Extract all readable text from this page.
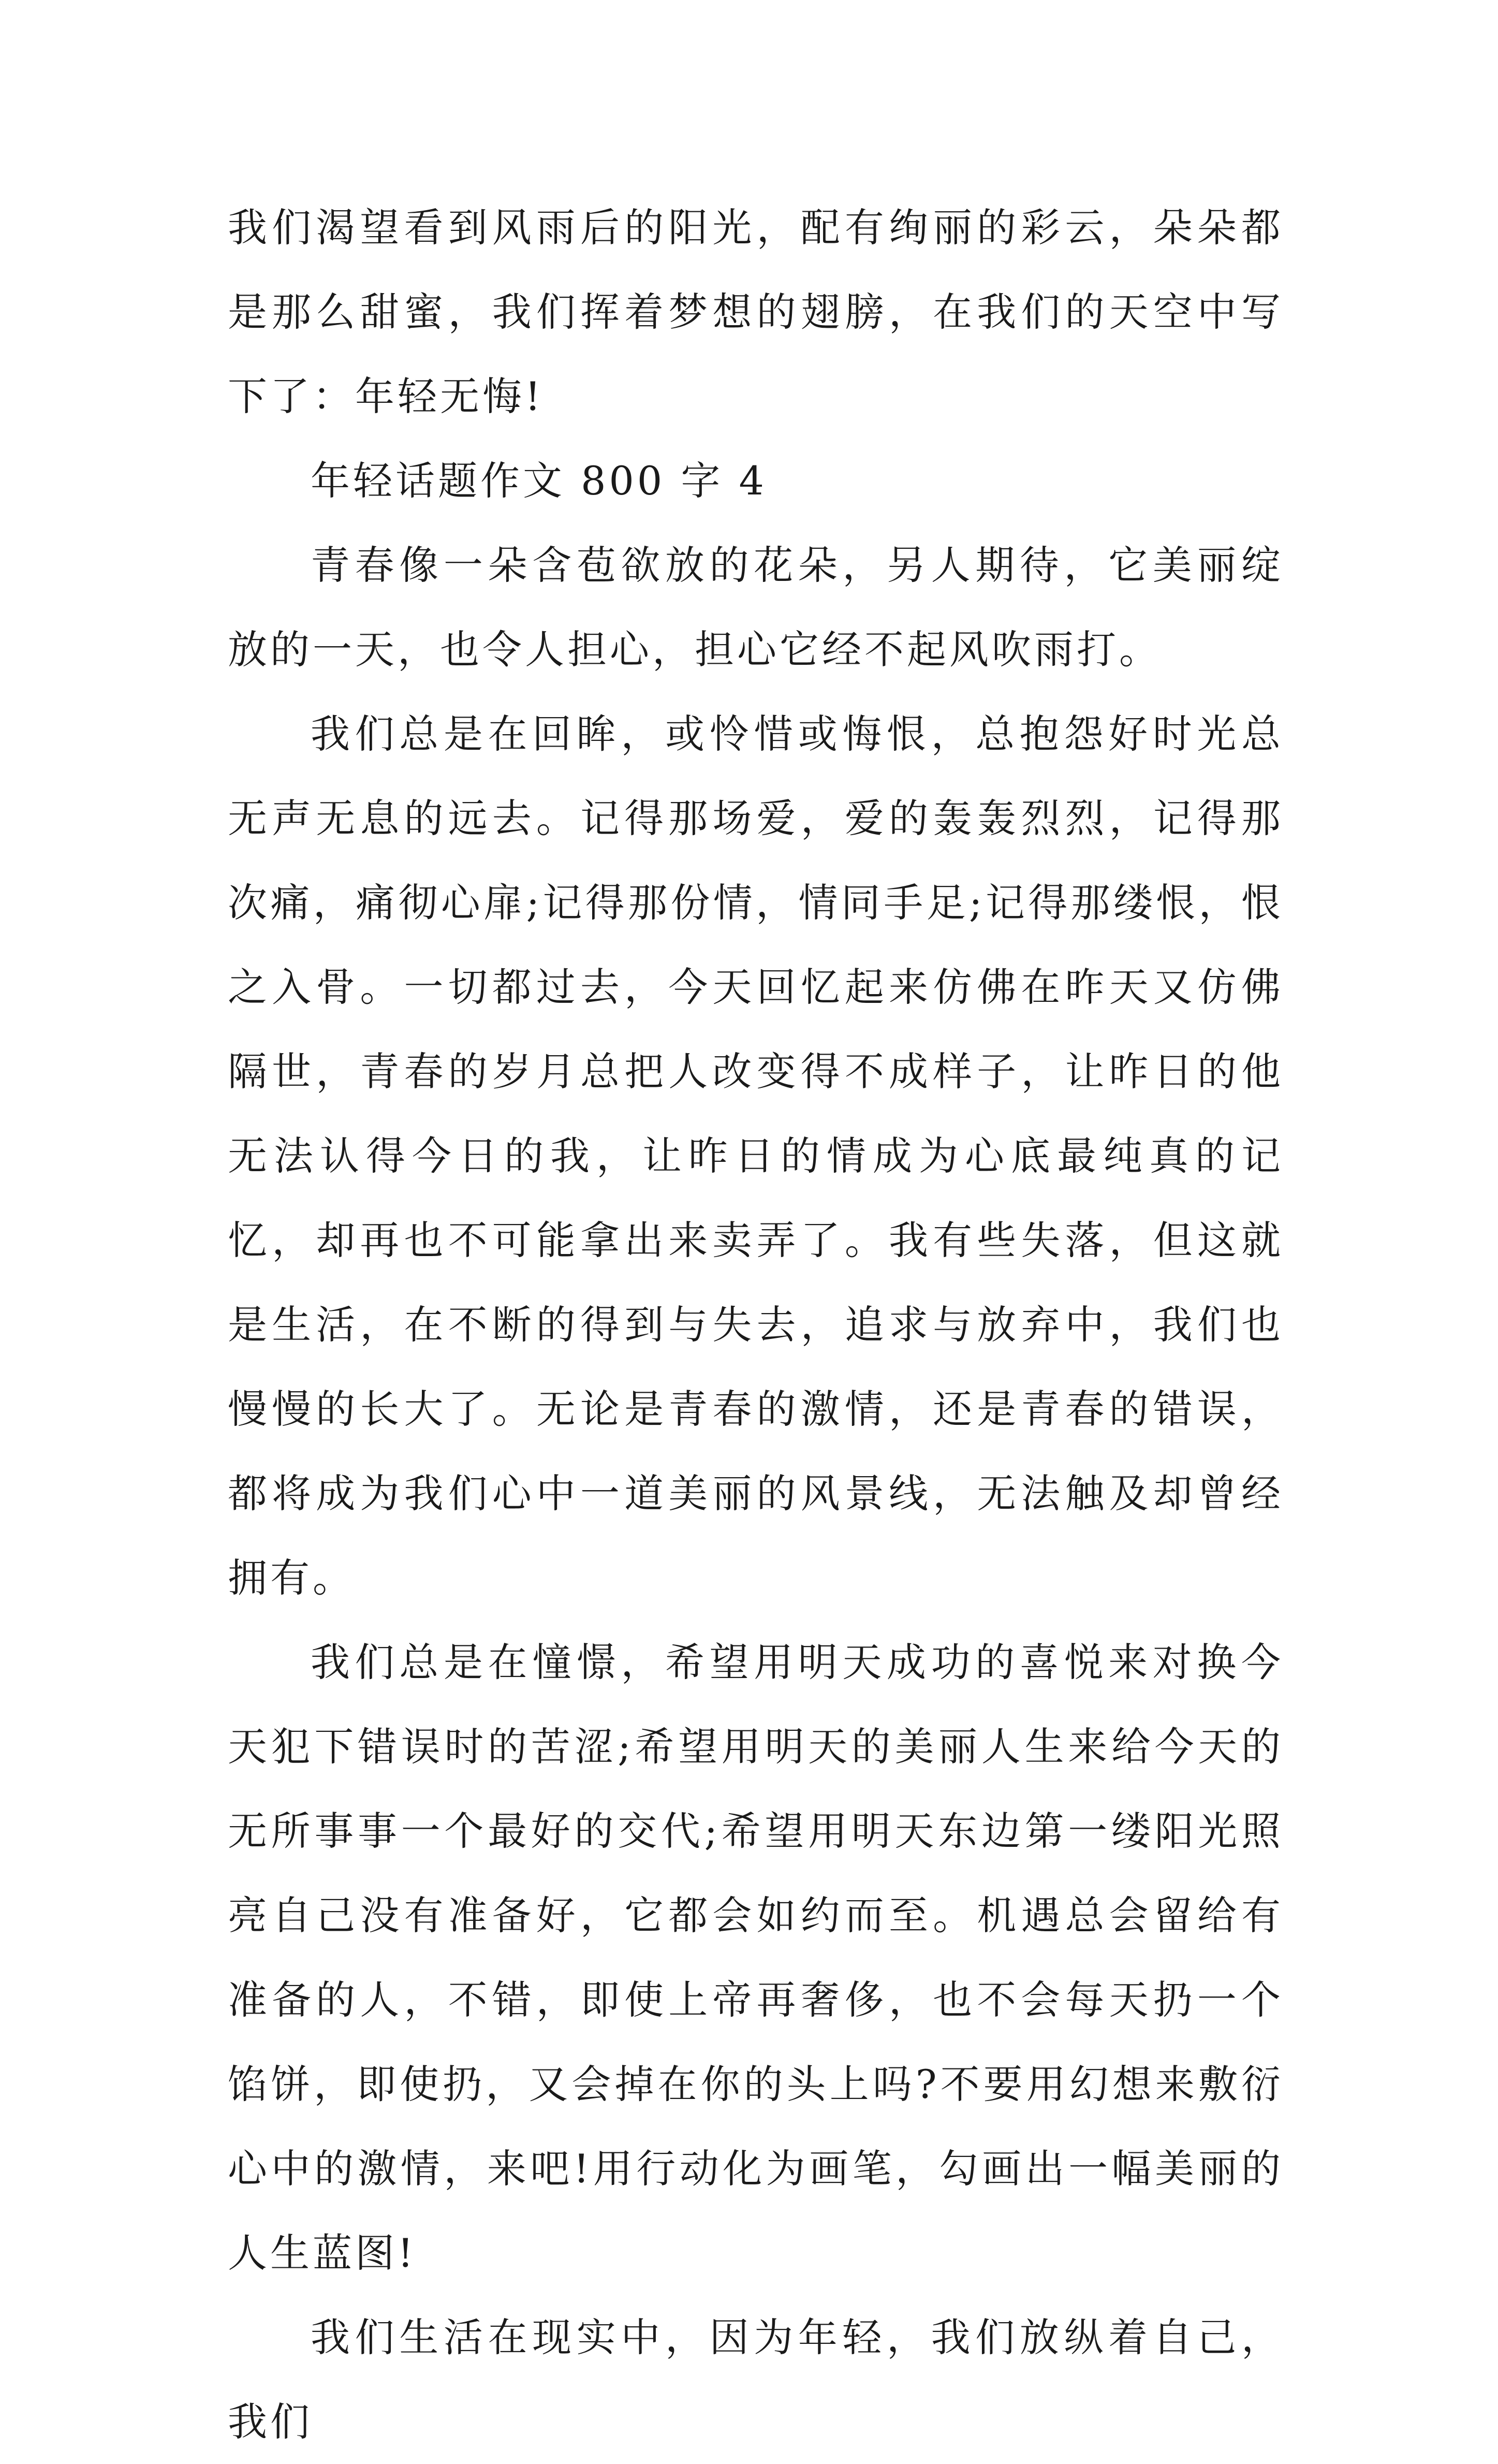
我们渴望看到风雨后的阳光，配有绚丽的彩云，朵朵都是那么甜蜜，我们挥着梦想的翅膀，在我们的天空中写下了：年轻无悔!

年轻话题作文 800 字 4

青春像一朵含苞欲放的花朵，另人期待，它美丽绽放的一天，也令人担心，担心它经不起风吹雨打。

我们总是在回眸，或怜惜或悔恨，总抱怨好时光总无声无息的远去。记得那场爱，爱的轰轰烈烈，记得那次痛，痛彻心扉;记得那份情，情同手足;记得那缕恨，恨之入骨。一切都过去，今天回忆起来仿佛在昨天又仿佛隔世，青春的岁月总把人改变得不成样子，让昨日的他无法认得今日的我，让昨日的情成为心底最纯真的记忆，却再也不可能拿出来卖弄了。我有些失落，但这就是生活，在不断的得到与失去，追求与放弃中，我们也慢慢的长大了。无论是青春的激情，还是青春的错误，都将成为我们心中一道美丽的风景线，无法触及却曾经拥有。

我们总是在憧憬，希望用明天成功的喜悦来对换今天犯下错误时的苦涩;希望用明天的美丽人生来给今天的无所事事一个最好的交代;希望用明天东边第一缕阳光照亮自己没有准备好，它都会如约而至。机遇总会留给有准备的人，不错，即使上帝再奢侈，也不会每天扔一个馅饼，即使扔，又会掉在你的头上吗?不要用幻想来敷衍心中的激情，来吧!用行动化为画笔，勾画出一幅美丽的人生蓝图!

我们生活在现实中，因为年轻，我们放纵着自己，我们
